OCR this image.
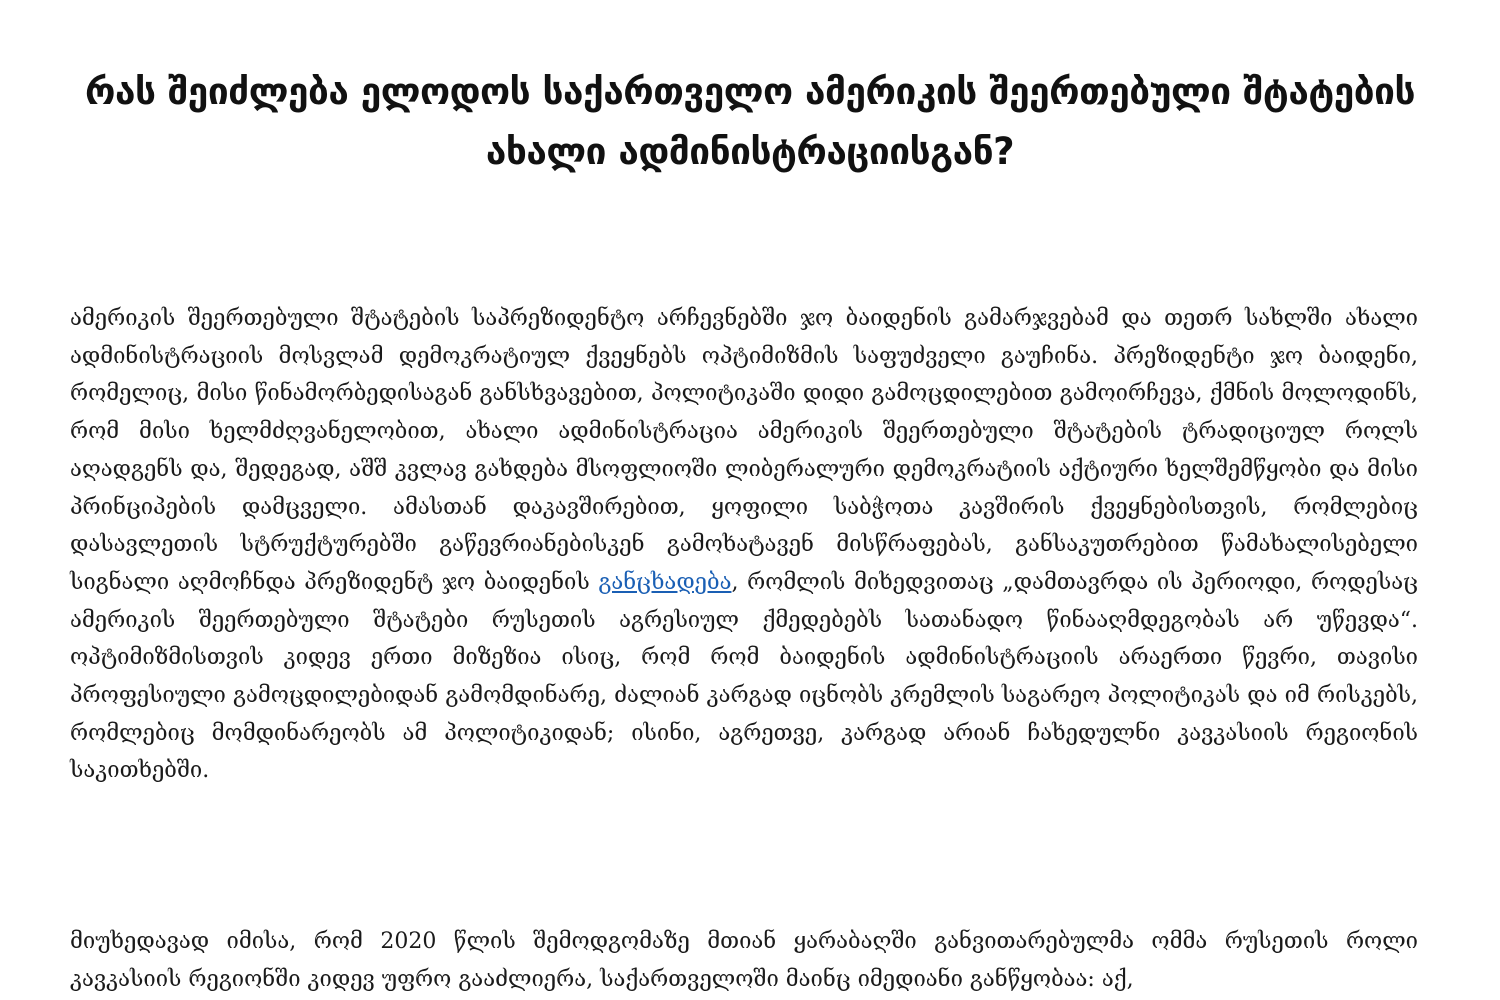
რას შეიძლება ელოდოს საქართველო ამერიკის შეერთებული შტატების ახალი ადმინისტრაციისგან?

ამერიკის შეერთებული შტატების საპრეზიდენტო არჩევნებში ჯო ბაიდენის გამარჯვებამ და თეთრ სახლში ახალი ადმინისტრაციის მოსვლამ დემოკრატიულ ქვეყნებს ოპტიმიზმის საფუძველი გაუჩინა. პრეზიდენტი ჯო ბაიდენი, რომელიც, მისი წინამორბედისაგან განსხვავებით, პოლიტიკაში დიდი გამოცდილებით გამოირჩევა, ქმნის მოლოდინს, რომ მისი ხელმძღვანელობით, ახალი ადმინისტრაცია ამერიკის შეერთებული შტატების ტრადიციულ როლს აღადგენს და, შედეგად, აშშ კვლავ გახდება მსოფლიოში ლიბერალური დემოკრატიის აქტიური ხელშემწყობი და მისი პრინციპების დამცველი. ამასთან დაკავშირებით, ყოფილი საბჭოთა კავშირის ქვეყნებისთვის, რომლებიც დასავლეთის სტრუქტურებში გაწევრიანებისკენ გამოხატავენ მისწრაფებას, განსაკუთრებით წამახალისებელი სიგნალი აღმოჩნდა პრეზიდენტ ჯო ბაიდენის განცხადება, რომლის მიხედვითაც „დამთავრდა ის პერიოდი, როდესაც ამერიკის შეერთებული შტატები რუსეთის აგრესიულ ქმედებებს სათანადო წინააღმდეგობას არ უწევდა“. ოპტიმიზმისთვის კიდევ ერთი მიზეზია ისიც, რომ რომ ბაიდენის ადმინისტრაციის არაერთი წევრი, თავისი პროფესიული გამოცდილებიდან გამომდინარე, ძალიან კარგად იცნობს კრემლის საგარეო პოლიტიკას და იმ რისკებს, რომლებიც მომდინარეობს ამ პოლიტიკიდან; ისინი, აგრეთვე, კარგად არიან ჩახედულნი კავკასიის რეგიონის საკითხებში.

მიუხედავად იმისა, რომ 2020 წლის შემოდგომაზე მთიან ყარაბაღში განვითარებულმა ომმა რუსეთის როლი კავკასიის რეგიონში კიდევ უფრო გააძლიერა, საქართველოში მაინც იმედიანი განწყობაა: აქ,
